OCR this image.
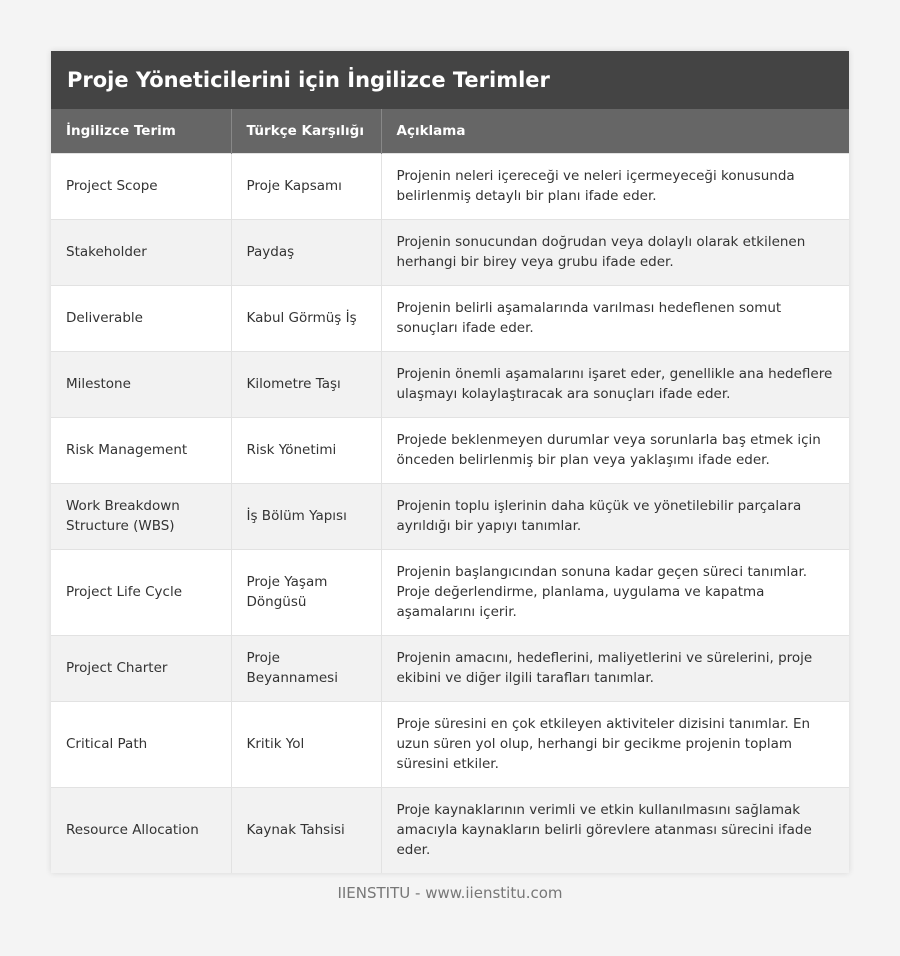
Proje Yöneticilerini için İngilizce Terimler
İngilizce Terim	Türkçe Karşılığı	Açıklama
Project Scope	Proje Kapsamı	Projenin neleri içereceği ve neleri içermeyeceği konusunda belirlenmiş detaylı bir planı ifade eder.
Stakeholder	Paydaş	Projenin sonucundan doğrudan veya dolaylı olarak etkilenen herhangi bir birey veya grubu ifade eder.
Deliverable	Kabul Görmüş İş	Projenin belirli aşamalarında varılması hedeflenen somut sonuçları ifade eder.
Milestone	Kilometre Taşı	Projenin önemli aşamalarını işaret eder, genellikle ana hedeflere ulaşmayı kolaylaştıracak ara sonuçları ifade eder.
Risk Management	Risk Yönetimi	Projede beklenmeyen durumlar veya sorunlarla baş etmek için önceden belirlenmiş bir plan veya yaklaşımı ifade eder.
Work Breakdown Structure (WBS)	İş Bölüm Yapısı	Projenin toplu işlerinin daha küçük ve yönetilebilir parçalara ayrıldığı bir yapıyı tanımlar.
Project Life Cycle	Proje Yaşam Döngüsü	Projenin başlangıcından sonuna kadar geçen süreci tanımlar. Proje değerlendirme, planlama, uygulama ve kapatma aşamalarını içerir.
Project Charter	Proje Beyannamesi	Projenin amacını, hedeflerini, maliyetlerini ve sürelerini, proje ekibini ve diğer ilgili tarafları tanımlar.
Critical Path	Kritik Yol	Proje süresini en çok etkileyen aktiviteler dizisini tanımlar. En uzun süren yol olup, herhangi bir gecikme projenin toplam süresini etkiler.
Resource Allocation	Kaynak Tahsisi	Proje kaynaklarının verimli ve etkin kullanılmasını sağlamak amacıyla kaynakların belirli görevlere atanması sürecini ifade eder.
IIENSTITU - www.iienstitu.com
